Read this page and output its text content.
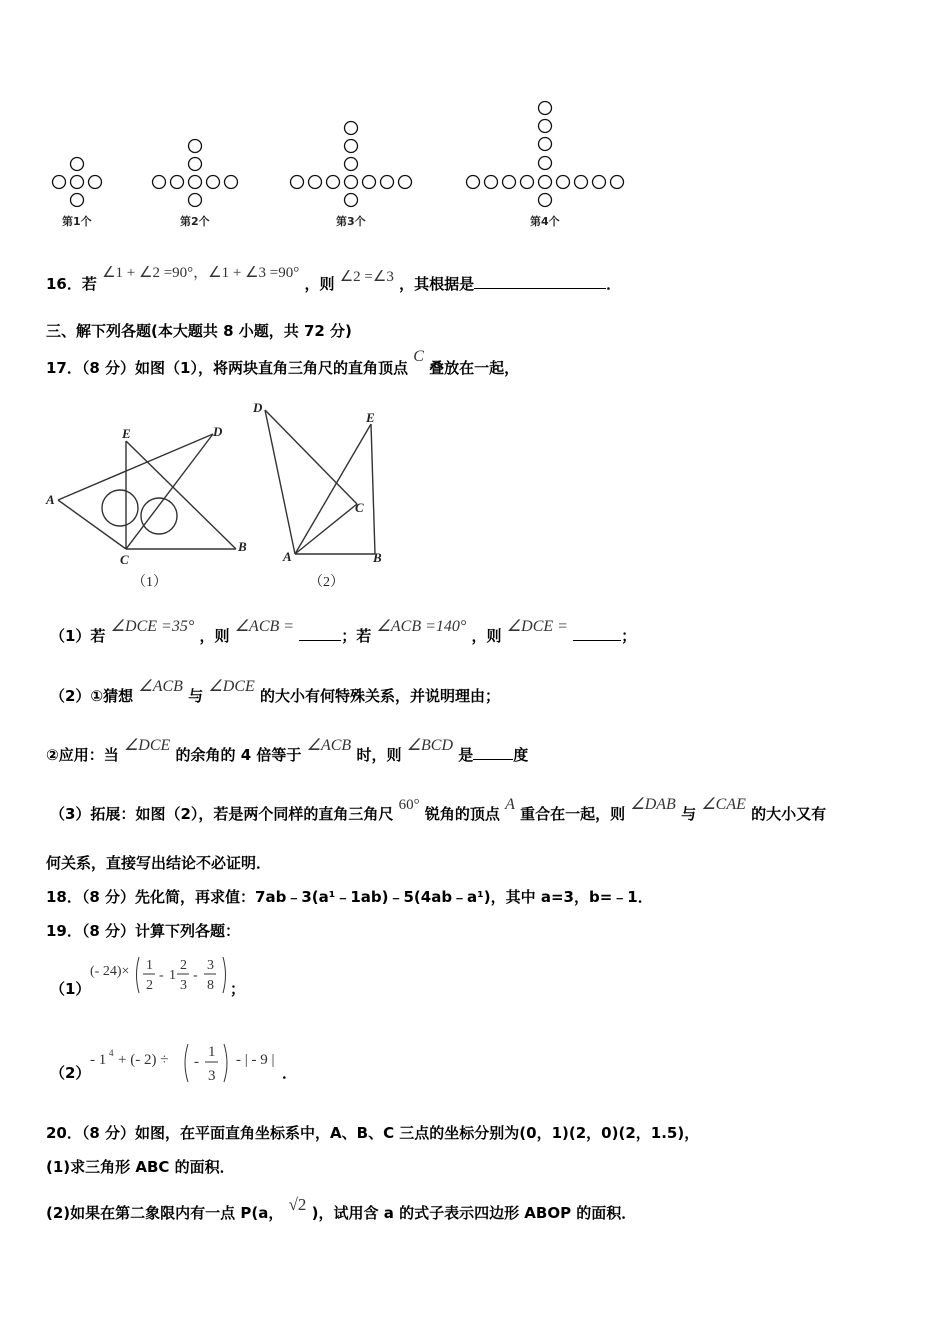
第1个	第2个	第3个	第4个
16．若 ∠1 + ∠2 =90°，∠1 + ∠3 =90° ，则 ∠2 =∠3 ，其根据是	．
三、解下列各题(本大题共 8 小题，共 72 分)
17．（8 分）如图（1），将两块直角三角尺的直角顶点 C 叠放在一起，
E	D
A
C
B
（1）
D
E
C
A	B
（2）
（1）若 ∠DCE =35° ，则 ∠ACB = ；若 ∠ACB =140° ，则 ∠DCE = ；
（2）①猜想 ∠ACB 与 ∠DCE 的大小有何特殊关系，并说明理由；
②应用：当 ∠DCE 的余角的 4 倍等于 ∠ACB 时，则 ∠BCD 是	度
（3）拓展：如图（2），若是两个同样的直角三角尺 60° 锐角的顶点 A 重合在一起，则 ∠DAB 与 ∠CAE 的大小又有
何关系，直接写出结论不必证明．
18．（8 分）先化简，再求值：7ab﹣3(a¹﹣1ab)﹣5(4ab﹣a¹)，其中 a=3，b=﹣1．
19．（8 分）计算下列各题：
（1）
(- 24)× 1
2
- 1
2
3
-
3
8 ；
（2）
- 1 4 + (- 2) ÷ -
1
3
- | - 9 |
．
20．（8 分）如图，在平面直角坐标系中，A、B、C 三点的坐标分别为(0，1)(2，0)(2，1.5)，
(1)求三角形 ABC 的面积．
(2)如果在第二象限内有一点 P(a， √2 )，试用含 a 的式子表示四边形 ABOP 的面积．
